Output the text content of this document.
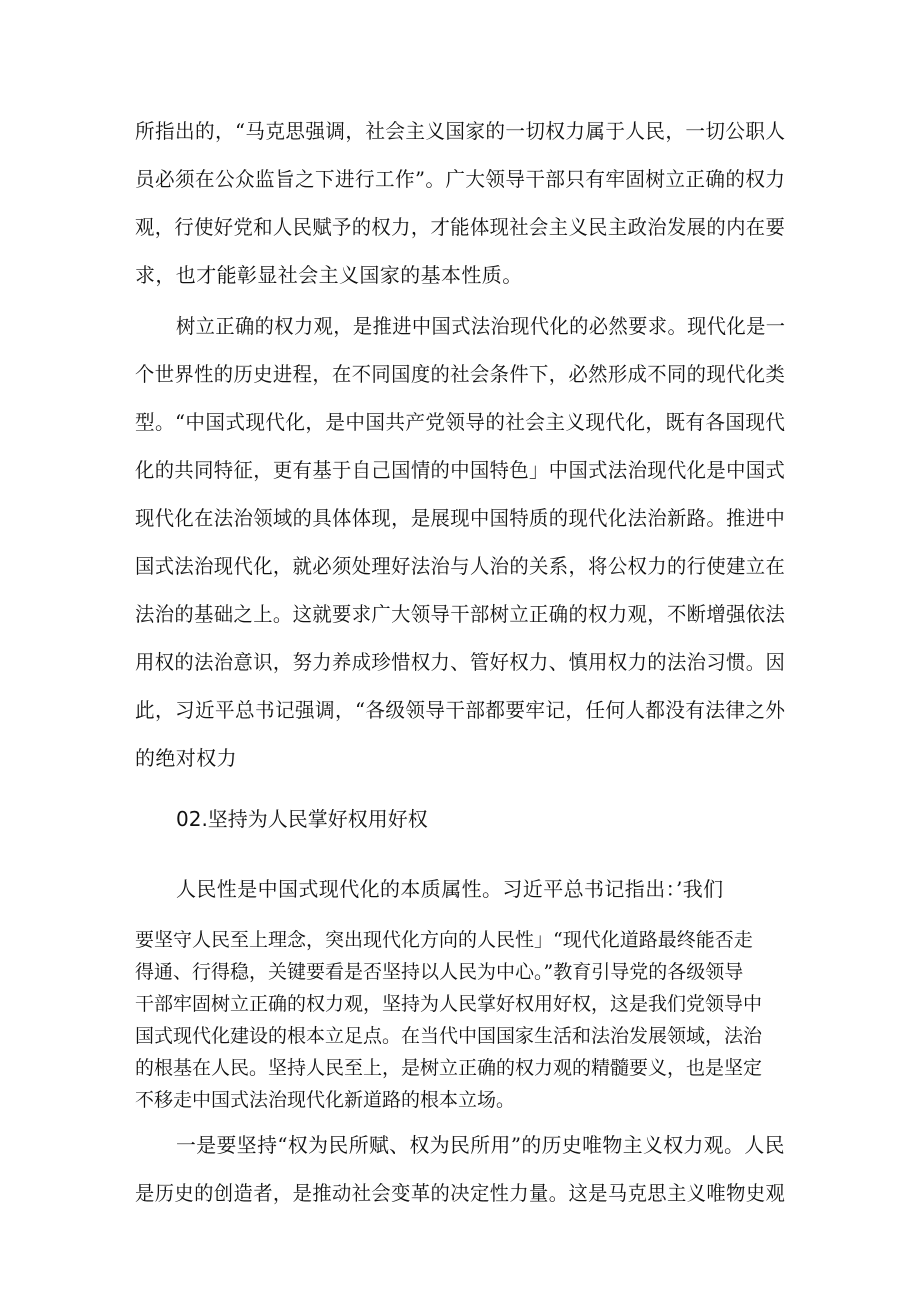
所指出的，“马克思强调，社会主义国家的一切权力属于人民，一切公职人
员必须在公众监旨之下进行工作”。广大领导干部只有牢固树立正确的权力
观，行使好党和人民赋予的权力，才能体现社会主义民主政治发展的内在要
求，也才能彰显社会主义国家的基本性质。
树立正确的权力观，是推进中国式法治现代化的必然要求。现代化是一
个世界性的历史进程，在不同国度的社会条件下，必然形成不同的现代化类
型。“中国式现代化，是中国共产党领导的社会主义现代化，既有各国现代
化的共同特征，更有基于自己国情的中国特色」中国式法治现代化是中国式
现代化在法治领域的具体体现，是展现中国特质的现代化法治新路。推进中
国式法治现代化，就必须处理好法治与人治的关系，将公权力的行使建立在
法治的基础之上。这就要求广大领导干部树立正确的权力观，不断增强依法
用权的法治意识，努力养成珍惜权力、管好权力、慎用权力的法治习惯。因
此，习近平总书记强调，“各级领导干部都要牢记，任何人都没有法律之外
的绝对权力
02.坚持为人民掌好权用好权
人民性是中国式现代化的本质属性。习近平总书记指出：’我们
要坚守人民至上理念，突出现代化方向的人民性」“现代化道路最终能否走
得通、行得稳，关键要看是否坚持以人民为中心。”教育引导党的各级领导
干部牢固树立正确的权力观，坚持为人民掌好权用好权，这是我们党领导中
国式现代化建设的根本立足点。在当代中国国家生活和法治发展领域，法治
的根基在人民。坚持人民至上，是树立正确的权力观的精髓要义，也是坚定
不移走中国式法治现代化新道路的根本立场。
一是要坚持“权为民所赋、权为民所用”的历史唯物主义权力观。人民
是历史的创造者，是推动社会变革的决定性力量。这是马克思主义唯物史观
